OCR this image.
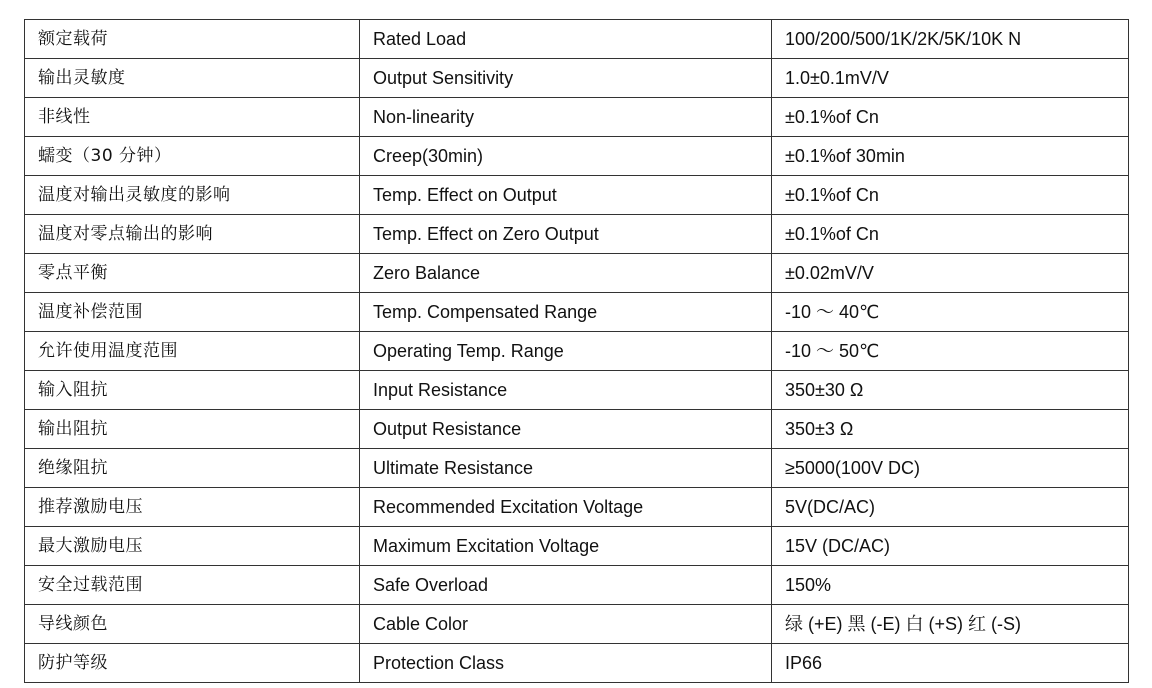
额定载荷	Rated Load	100/200/500/1K/2K/5K/10K N
输出灵敏度	Output Sensitivity	1.0±0.1mV/V
非线性	Non-linearity	±0.1%of Cn
蠕变（30 分钟）	Creep(30min)	±0.1%of 30min
温度对输出灵敏度的影响	Temp. Effect on Output	±0.1%of Cn
温度对零点输出的影响	Temp. Effect on Zero Output	±0.1%of Cn
零点平衡	Zero Balance	±0.02mV/V
温度补偿范围	Temp. Compensated Range	-10 ～ 40℃
允许使用温度范围	Operating Temp. Range	-10 ～ 50℃
输入阻抗	Input Resistance	350±30 Ω
输出阻抗	Output Resistance	350±3 Ω
绝缘阻抗	Ultimate Resistance	≥5000(100V DC)
推荐激励电压	Recommended Excitation Voltage	5V(DC/AC)
最大激励电压	Maximum Excitation Voltage	15V (DC/AC)
安全过载范围	Safe Overload	150%
导线颜色	Cable Color	绿 (+E) 黑 (-E) 白 (+S) 红 (-S)
防护等级	Protection Class	IP66
